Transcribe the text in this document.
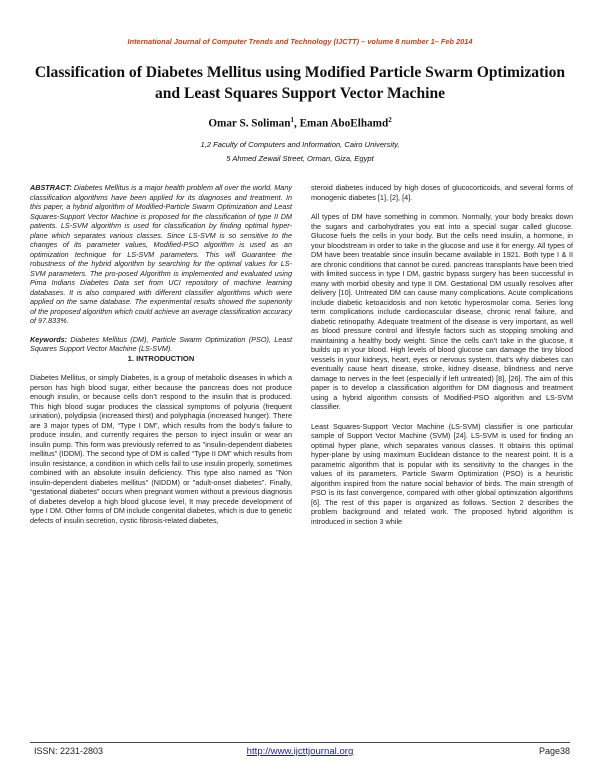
International Journal of Computer Trends and Technology (IJCTT) – volume 8 number 1– Feb 2014
Classification of Diabetes Mellitus using Modified Particle Swarm Optimization
and Least Squares Support Vector Machine
Omar S. Soliman$^1$, Eman AboElhamd$^2$
1,2 Faculty of Computers and Information, Cairo University,
5 Ahmed Zewail Street, Orman, Giza, Egypt

ABSTRACT: Diabetes Mellitus is a major health problem all over the world. Many classification algorithms have been applied for its diagnoses and treatment. In this paper, a hybrid algorithm of Modified-Particle Swarm Optimization and Least Squares-Support Vector Machine is proposed for the classification of type II DM patients. LS-SVM algorithm is used for classification by finding optimal hyper-plane which separates various classes. Since LS-SVM is so sensitive to the changes of its parameter values, Modified-PSO algorithm is used as an optimization technique for LS-SVM parameters. This will Guarantee the robustness of the hybrid algorithm by searching for the optimal values for LS-SVM parameters. The pro-posed Algorithm is implemented and evaluated using Pima Indians Diabetes Data set from UCI repository of machine learning databases. It is also compared with different classifier algorithms which were applied on the same database. The experimental results showed the superiority of the proposed algorithm which could achieve an average classification accuracy of 97.833%.

Keywords: Diabetes Mellitus (DM), Particle Swarm Optimization (PSO), Least Squares Support Vector Machine (LS-SVM).

1. INTRODUCTION

Diabetes Mellitus, or simply Diabetes, is a group of metabolic diseases in which a person has high blood sugar, either because the pancreas does not produce enough insulin, or because cells don’t respond to the insulin that is produced. This high blood sugar produces the classical symptoms of polyuria (frequent urination), polydipsia (increased thirst) and polyphagia (increased hunger). There are 3 major types of DM, “Type I DM”, which results from the body’s failure to produce insulin, and currently requires the person to inject insulin or wear an insulin pump. This form was previously referred to as "insulin-dependent diabetes mellitus" (IDDM). The second type of DM is called “Type II DM” which results from insulin resistance, a condition in which cells fail to use insulin properly, sometimes combined with an absolute insulin deficiency. This type also named as "Non insulin-dependent diabetes mellitus" (NIDDM) or "adult-onset diabetes". Finally, “gestational diabetes” occurs when pregnant women without a previous diagnosis of diabetes develop a high blood glucose level, It may precede development of type I DM. Other forms of DM include congenital diabetes, which is due to genetic defects of insulin secretion, cystic fibrosis-related diabetes,

steroid diabetes induced by high doses of glucocorticoids, and several forms of monogenic diabetes [1], [2], [4].

All types of DM have something in common. Normally, your body breaks down the sugars and carbohydrates you eat into a special sugar called glucose. Glucose fuels the cells in your body. But the cells need insulin, a hormone, in your bloodstream in order to take in the glucose and use it for energy. All types of DM have been treatable since insulin became available in 1921. Both type I & II are chronic conditions that cannot be cured. pancreas transplants have been tried with limited success in type I DM, gastric bypass surgery has been successful in many with morbid obesity and type II DM. Gestational DM usually resolves after delivery [10]. Untreated DM can cause many complications. Acute complications include diabetic ketoacidosis and non ketotic hyperosmolar coma. Series long term complications include cardiocascular disease, chronic renal failure, and diabetic retinopathy. Adequate treatment of the disease is very important, as well as blood pressure control and lifestyle factors such as stopping smoking and maintaining a healthy body weight. Since the cells can’t take in the glucose, it builds up in your blood. High levels of blood glucose can damage the tiny blood vessels in your kidneys, heart, eyes or nervous system. that’s why diabetes can eventually cause heart disease, stroke, kidney disease, blindness and nerve damage to nerves in the feet (especially if left untreated) [8], [26]. The aim of this paper is to develop a classification algorithm for DM diagnosis and treatment using a hybrid algorithm consists of Modified-PSO algorithm and LS-SVM classifier.

Least Squares-Support Vector Machine (LS-SVM) classifier is one particular sample of Support Vector Machine (SVM) [24]. LS-SVM is used for finding an optimal hyper plane, which separates various classes. It obtains this optimal hyper-plane by using maximum Euclidean distance to the nearest point. It is a parametric algorithm that is popular with its sensitivity to the changes in the values of its parameters. Particle Swarm Optimization (PSO) is a heuristic algorithm inspired from the nature social behavior of birds. The main strength of PSO is its fast convergence, compared with other global optimization algorithms [6]. The rest of this paper is organized as follows. Section 2 describes the problem background and related work. The proposed hybrid algorithm is introduced in section 3 while

ISSN: 2231-2803	http://www.ijcttjournal.org	Page38
